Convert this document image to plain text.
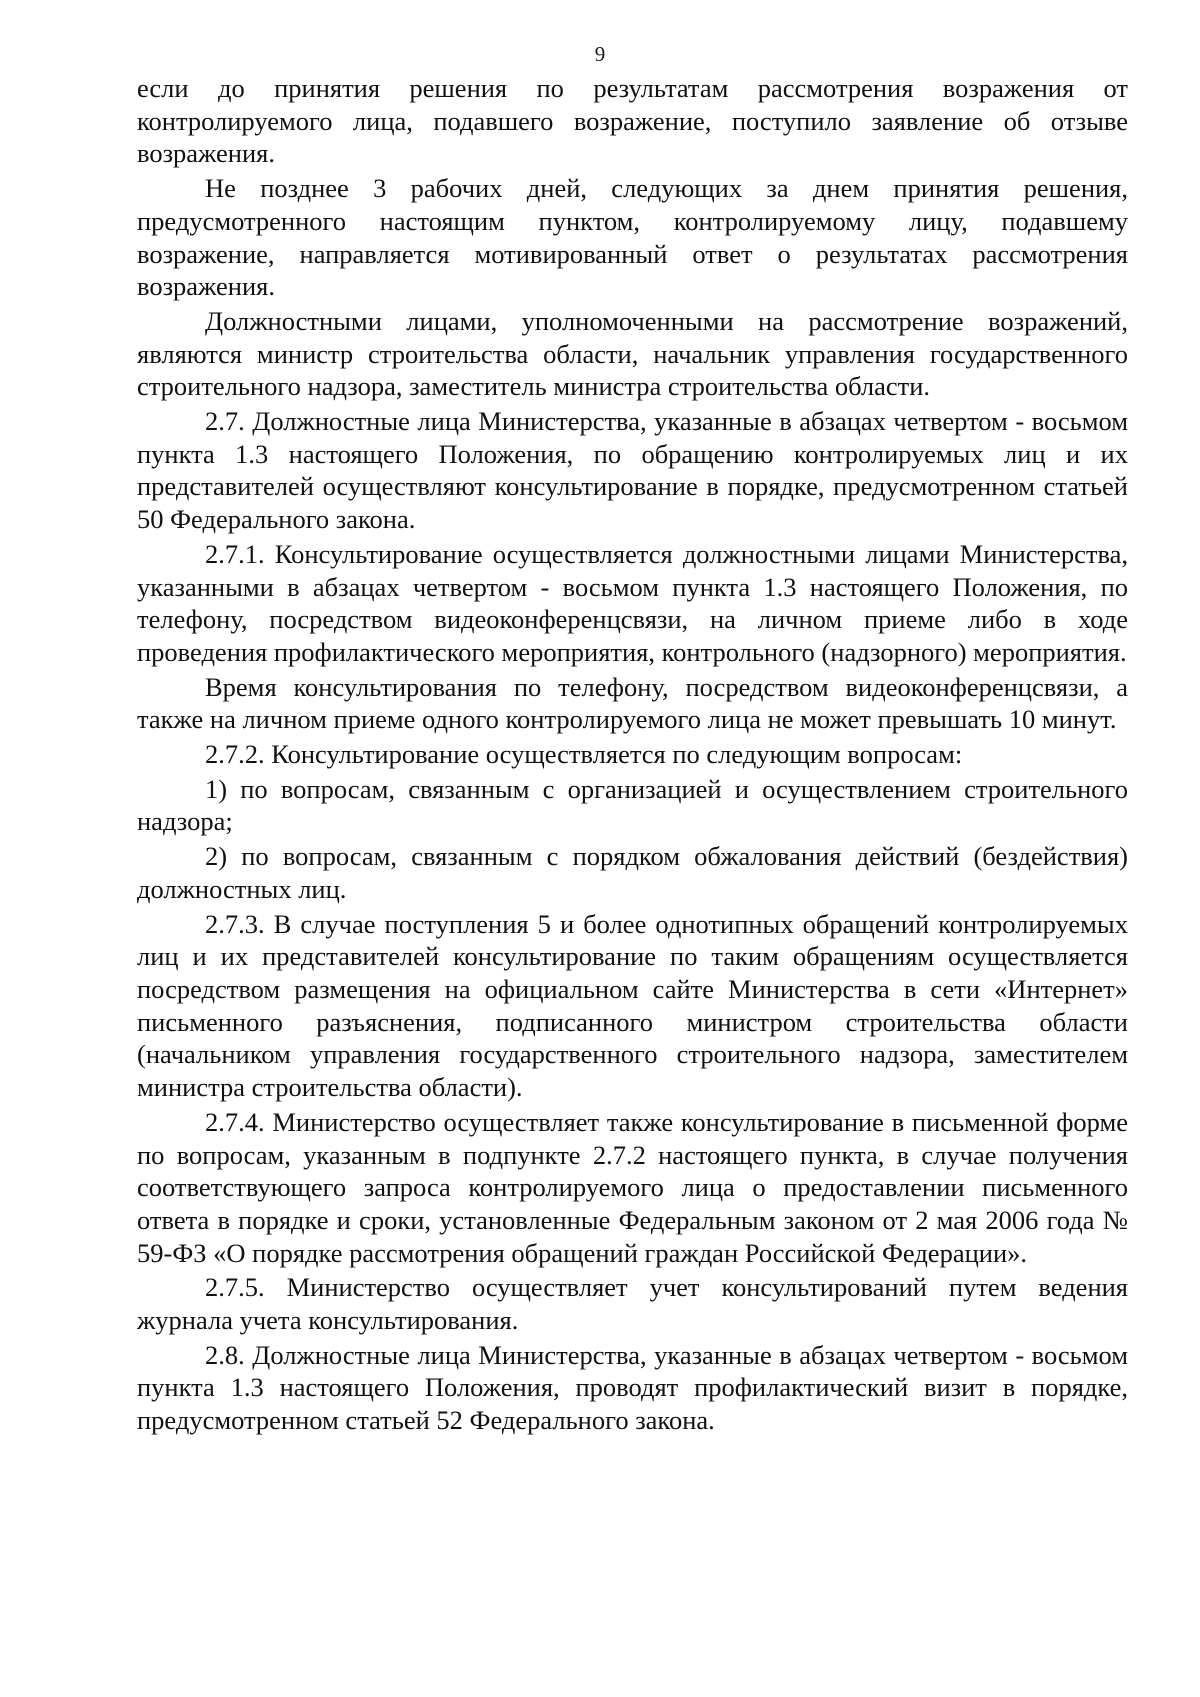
9

если до принятия решения по результатам рассмотрения возражения от контролируемого лица, подавшего возражение, поступило заявление об отзыве возражения.

Не позднее 3 рабочих дней, следующих за днем принятия решения, предусмотренного настоящим пунктом, контролируемому лицу, подавшему возражение, направляется мотивированный ответ о результатах рассмотрения возражения.

Должностными лицами, уполномоченными на рассмотрение возражений, являются министр строительства области, начальник управления государственного строительного надзора, заместитель министра строительства области.

2.7. Должностные лица Министерства, указанные в абзацах четвертом - восьмом пункта 1.3 настоящего Положения, по обращению контролируемых лиц и их представителей осуществляют консультирование в порядке, предусмотренном статьей 50 Федерального закона.

2.7.1. Консультирование осуществляется должностными лицами Министерства, указанными в абзацах четвертом - восьмом пункта 1.3 настоящего Положения, по телефону, посредством видеоконференцсвязи, на личном приеме либо в ходе проведения профилактического мероприятия, контрольного (надзорного) мероприятия.

Время консультирования по телефону, посредством видеоконференцсвязи, а также на личном приеме одного контролируемого лица не может превышать 10 минут.

2.7.2. Консультирование осуществляется по следующим вопросам:

1) по вопросам, связанным с организацией и осуществлением строительного надзора;

2) по вопросам, связанным с порядком обжалования действий (бездействия) должностных лиц.

2.7.3. В случае поступления 5 и более однотипных обращений контролируемых лиц и их представителей консультирование по таким обращениям осуществляется посредством размещения на официальном сайте Министерства в сети «Интернет» письменного разъяснения, подписанного министром строительства области (начальником управления государственного строительного надзора, заместителем министра строительства области).

2.7.4. Министерство осуществляет также консультирование в письменной форме по вопросам, указанным в подпункте 2.7.2 настоящего пункта, в случае получения соответствующего запроса контролируемого лица о предоставлении письменного ответа в порядке и сроки, установленные Федеральным законом от 2 мая 2006 года № 59-ФЗ «О порядке рассмотрения обращений граждан Российской Федерации».

2.7.5. Министерство осуществляет учет консультирований путем ведения журнала учета консультирования.

2.8. Должностные лица Министерства, указанные в абзацах четвертом - восьмом пункта 1.3 настоящего Положения, проводят профилактический визит в порядке, предусмотренном статьей 52 Федерального закона.
